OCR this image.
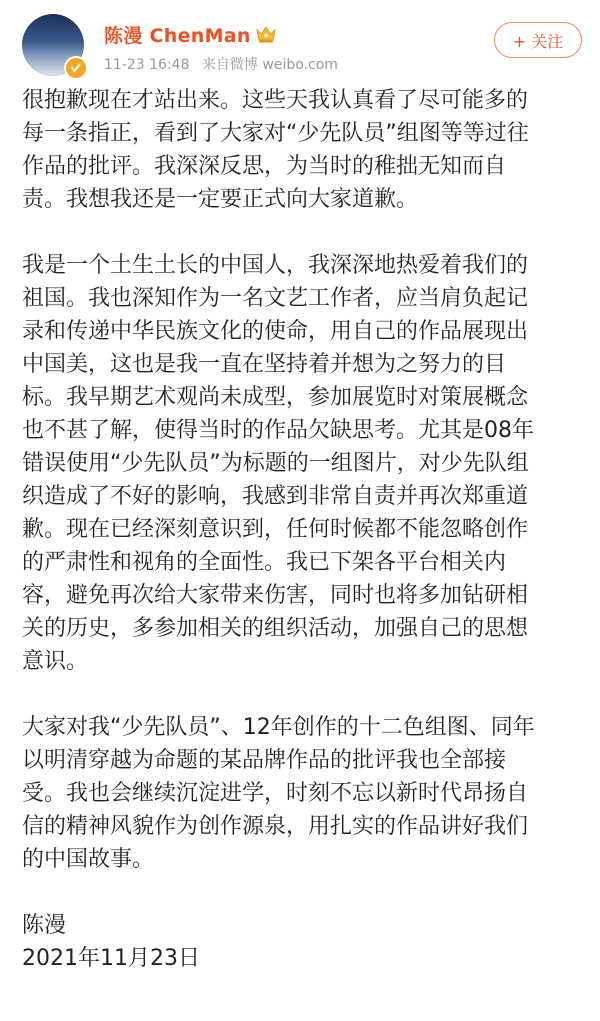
陈漫 ChenMan
11-23 16:48 来自微博 weibo.com
+ 关注

很抱歉现在才站出来。这些天我认真看了尽可能多的
每一条指正，看到了大家对“少先队员”组图等等过往
作品的批评。我深深反思，为当时的稚拙无知而自
责。我想我还是一定要正式向大家道歉。

我是一个土生土长的中国人，我深深地热爱着我们的
祖国。我也深知作为一名文艺工作者，应当肩负起记
录和传递中华民族文化的使命，用自己的作品展现出
中国美，这也是我一直在坚持着并想为之努力的目
标。我早期艺术观尚未成型，参加展览时对策展概念
也不甚了解，使得当时的作品欠缺思考。尤其是08年
错误使用“少先队员”为标题的一组图片，对少先队组
织造成了不好的影响，我感到非常自责并再次郑重道
歉。现在已经深刻意识到，任何时候都不能忽略创作
的严肃性和视角的全面性。我已下架各平台相关内
容，避免再次给大家带来伤害，同时也将多加钻研相
关的历史，多参加相关的组织活动，加强自己的思想
意识。

大家对我“少先队员”、12年创作的十二色组图、同年
以明清穿越为命题的某品牌作品的批评我也全部接
受。我也会继续沉淀进学，时刻不忘以新时代昂扬自
信的精神风貌作为创作源泉，用扎实的作品讲好我们
的中国故事。

陈漫
2021年11月23日
